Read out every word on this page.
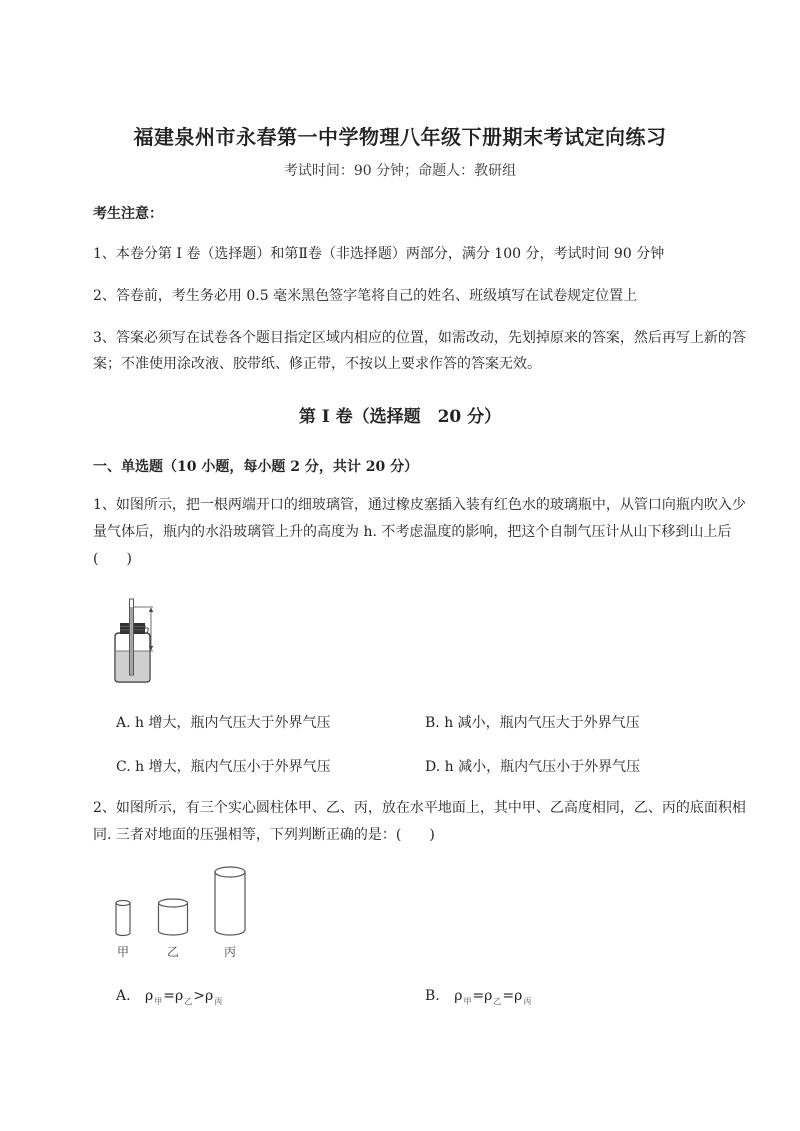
福建泉州市永春第一中学物理八年级下册期末考试定向练习
考试时间：90 分钟；命题人：教研组
考生注意：
1、本卷分第 I 卷（选择题）和第Ⅱ卷（非选择题）两部分，满分 100 分，考试时间 90 分钟
2、答卷前，考生务必用 0.5 毫米黑色签字笔将自己的姓名、班级填写在试卷规定位置上
3、答案必须写在试卷各个题目指定区域内相应的位置，如需改动，先划掉原来的答案，然后再写上新的答案；不准使用涂改液、胶带纸、修正带，不按以上要求作答的答案无效。
第 I 卷（选择题　20 分）
一、单选题（10 小题，每小题 2 分，共计 20 分）
1、如图所示，把一根两端开口的细玻璃管，通过橡皮塞插入装有红色水的玻璃瓶中，从管口向瓶内吹入少量气体后，瓶内的水沿玻璃管上升的高度为 h. 不考虑温度的影响，把这个自制气压计从山下移到山上后(　　)
h
A. h 增大，瓶内气压大于外界气压	B. h 减小，瓶内气压大于外界气压
C. h 增大，瓶内气压小于外界气压	D. h 减小，瓶内气压小于外界气压
2、如图所示，有三个实心圆柱体甲、乙、丙，放在水平地面上，其中甲、乙高度相同，乙、丙的底面积相同. 三者对地面的压强相等，下列判断正确的是：(　　)
甲	乙	丙
A. $\rho_甲=\rho_乙>\rho_丙$	B. $\rho_甲=\rho_乙=\rho_丙$
